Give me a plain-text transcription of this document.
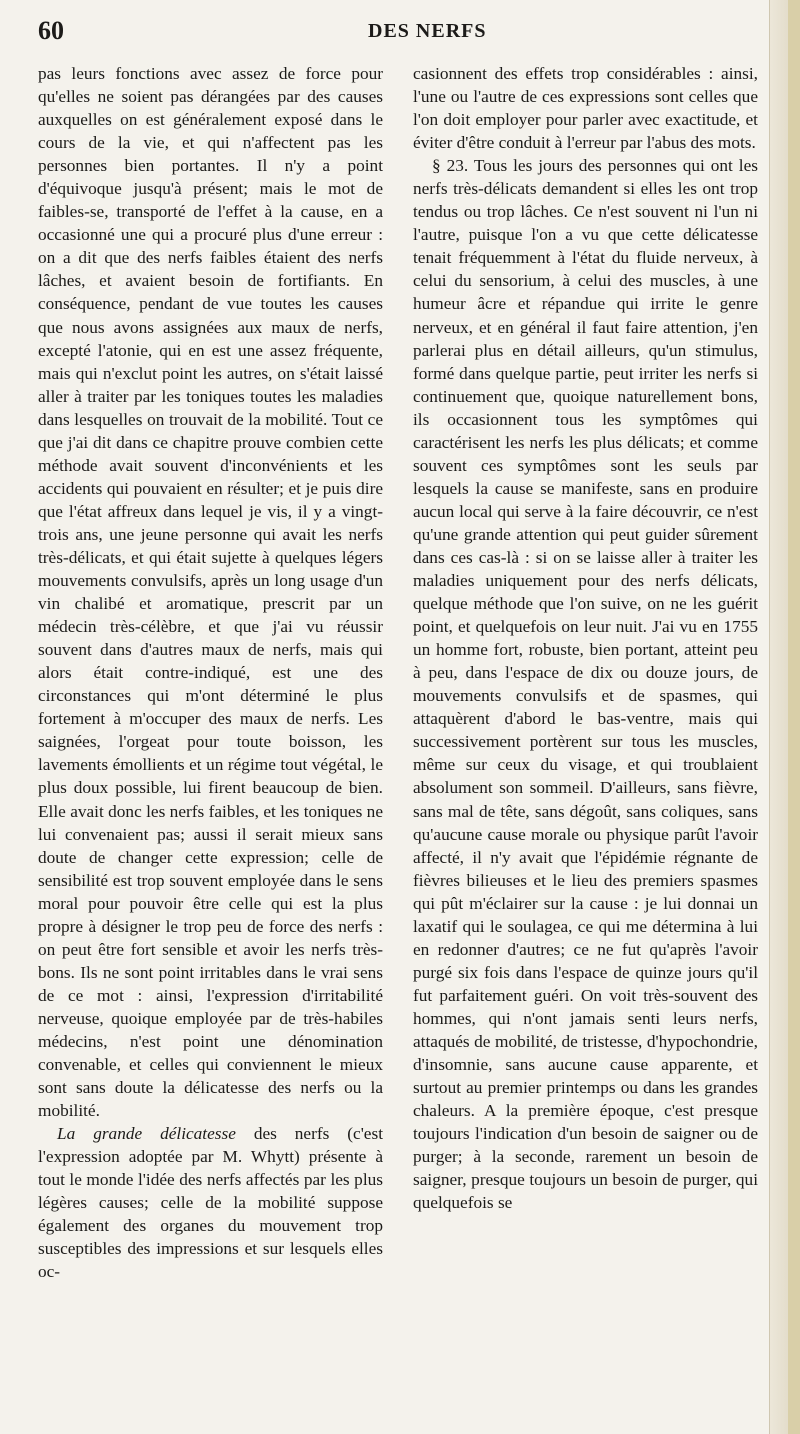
60	DES NERFS

pas leurs fonctions avec assez de force pour qu'elles ne soient pas dérangées par des causes auxquelles on est généralement exposé dans le cours de la vie, et qui n'affectent pas les personnes bien portantes. Il n'y a point d'équivoque jusqu'à présent; mais le mot de faibles-se, transporté de l'effet à la cause, en a occasionné une qui a procuré plus d'une erreur : on a dit que des nerfs faibles étaient des nerfs lâches, et avaient besoin de fortifiants. En conséquence, pendant de vue toutes les causes que nous avons assignées aux maux de nerfs, excepté l'atonie, qui en est une assez fréquente, mais qui n'exclut point les autres, on s'était laissé aller à traiter par les toniques toutes les maladies dans lesquelles on trouvait de la mobilité. Tout ce que j'ai dit dans ce chapitre prouve combien cette méthode avait souvent d'inconvénients et les accidents qui pouvaient en résulter; et je puis dire que l'état affreux dans lequel je vis, il y a vingt-trois ans, une jeune personne qui avait les nerfs très-délicats, et qui était sujette à quelques légers mouvements convulsifs, après un long usage d'un vin chalibé et aromatique, prescrit par un médecin très-célèbre, et que j'ai vu réussir souvent dans d'autres maux de nerfs, mais qui alors était contre-indiqué, est une des circonstances qui m'ont déterminé le plus fortement à m'occuper des maux de nerfs. Les saignées, l'orgeat pour toute boisson, les lavements émollients et un régime tout végétal, le plus doux possible, lui firent beaucoup de bien. Elle avait donc les nerfs faibles, et les toniques ne lui convenaient pas; aussi il serait mieux sans doute de changer cette expression; celle de sensibilité est trop souvent employée dans le sens moral pour pouvoir être celle qui est la plus propre à désigner le trop peu de force des nerfs : on peut être fort sensible et avoir les nerfs très-bons. Ils ne sont point irritables dans le vrai sens de ce mot : ainsi, l'expression d'irritabilité nerveuse, quoique employée par de très-habiles médecins, n'est point une dénomination convenable, et celles qui conviennent le mieux sont sans doute la délicatesse des nerfs ou la mobilité.

La grande délicatesse des nerfs (c'est l'expression adoptée par M. Whytt) présente à tout le monde l'idée des nerfs affectés par les plus légères causes; celle de la mobilité suppose également des organes du mouvement trop susceptibles des impressions et sur lesquels elles oc-

casionnent des effets trop considérables : ainsi, l'une ou l'autre de ces expressions sont celles que l'on doit employer pour parler avec exactitude, et éviter d'être conduit à l'erreur par l'abus des mots.

§ 23. Tous les jours des personnes qui ont les nerfs très-délicats demandent si elles les ont trop tendus ou trop lâches. Ce n'est souvent ni l'un ni l'autre, puisque l'on a vu que cette délicatesse tenait fréquemment à l'état du fluide nerveux, à celui du sensorium, à celui des muscles, à une humeur âcre et répandue qui irrite le genre nerveux, et en général il faut faire attention, j'en parlerai plus en détail ailleurs, qu'un stimulus, formé dans quelque partie, peut irriter les nerfs si continuement que, quoique naturellement bons, ils occasionnent tous les symptômes qui caractérisent les nerfs les plus délicats; et comme souvent ces symptômes sont les seuls par lesquels la cause se manifeste, sans en produire aucun local qui serve à la faire découvrir, ce n'est qu'une grande attention qui peut guider sûrement dans ces cas-là : si on se laisse aller à traiter les maladies uniquement pour des nerfs délicats, quelque méthode que l'on suive, on ne les guérit point, et quelquefois on leur nuit. J'ai vu en 1755 un homme fort, robuste, bien portant, atteint peu à peu, dans l'espace de dix ou douze jours, de mouvements convulsifs et de spasmes, qui attaquèrent d'abord le bas-ventre, mais qui successivement portèrent sur tous les muscles, même sur ceux du visage, et qui troublaient absolument son sommeil. D'ailleurs, sans fièvre, sans mal de tête, sans dégoût, sans coliques, sans qu'aucune cause morale ou physique parût l'avoir affecté, il n'y avait que l'épidémie régnante de fièvres bilieuses et le lieu des premiers spasmes qui pût m'éclairer sur la cause : je lui donnai un laxatif qui le soulagea, ce qui me détermina à lui en redonner d'autres; ce ne fut qu'après l'avoir purgé six fois dans l'espace de quinze jours qu'il fut parfaitement guéri. On voit très-souvent des hommes, qui n'ont jamais senti leurs nerfs, attaqués de mobilité, de tristesse, d'hypochondrie, d'insomnie, sans aucune cause apparente, et surtout au premier printemps ou dans les grandes chaleurs. A la première époque, c'est presque toujours l'indication d'un besoin de saigner ou de purger; à la seconde, rarement un besoin de saigner, presque toujours un besoin de purger, qui quelquefois se
